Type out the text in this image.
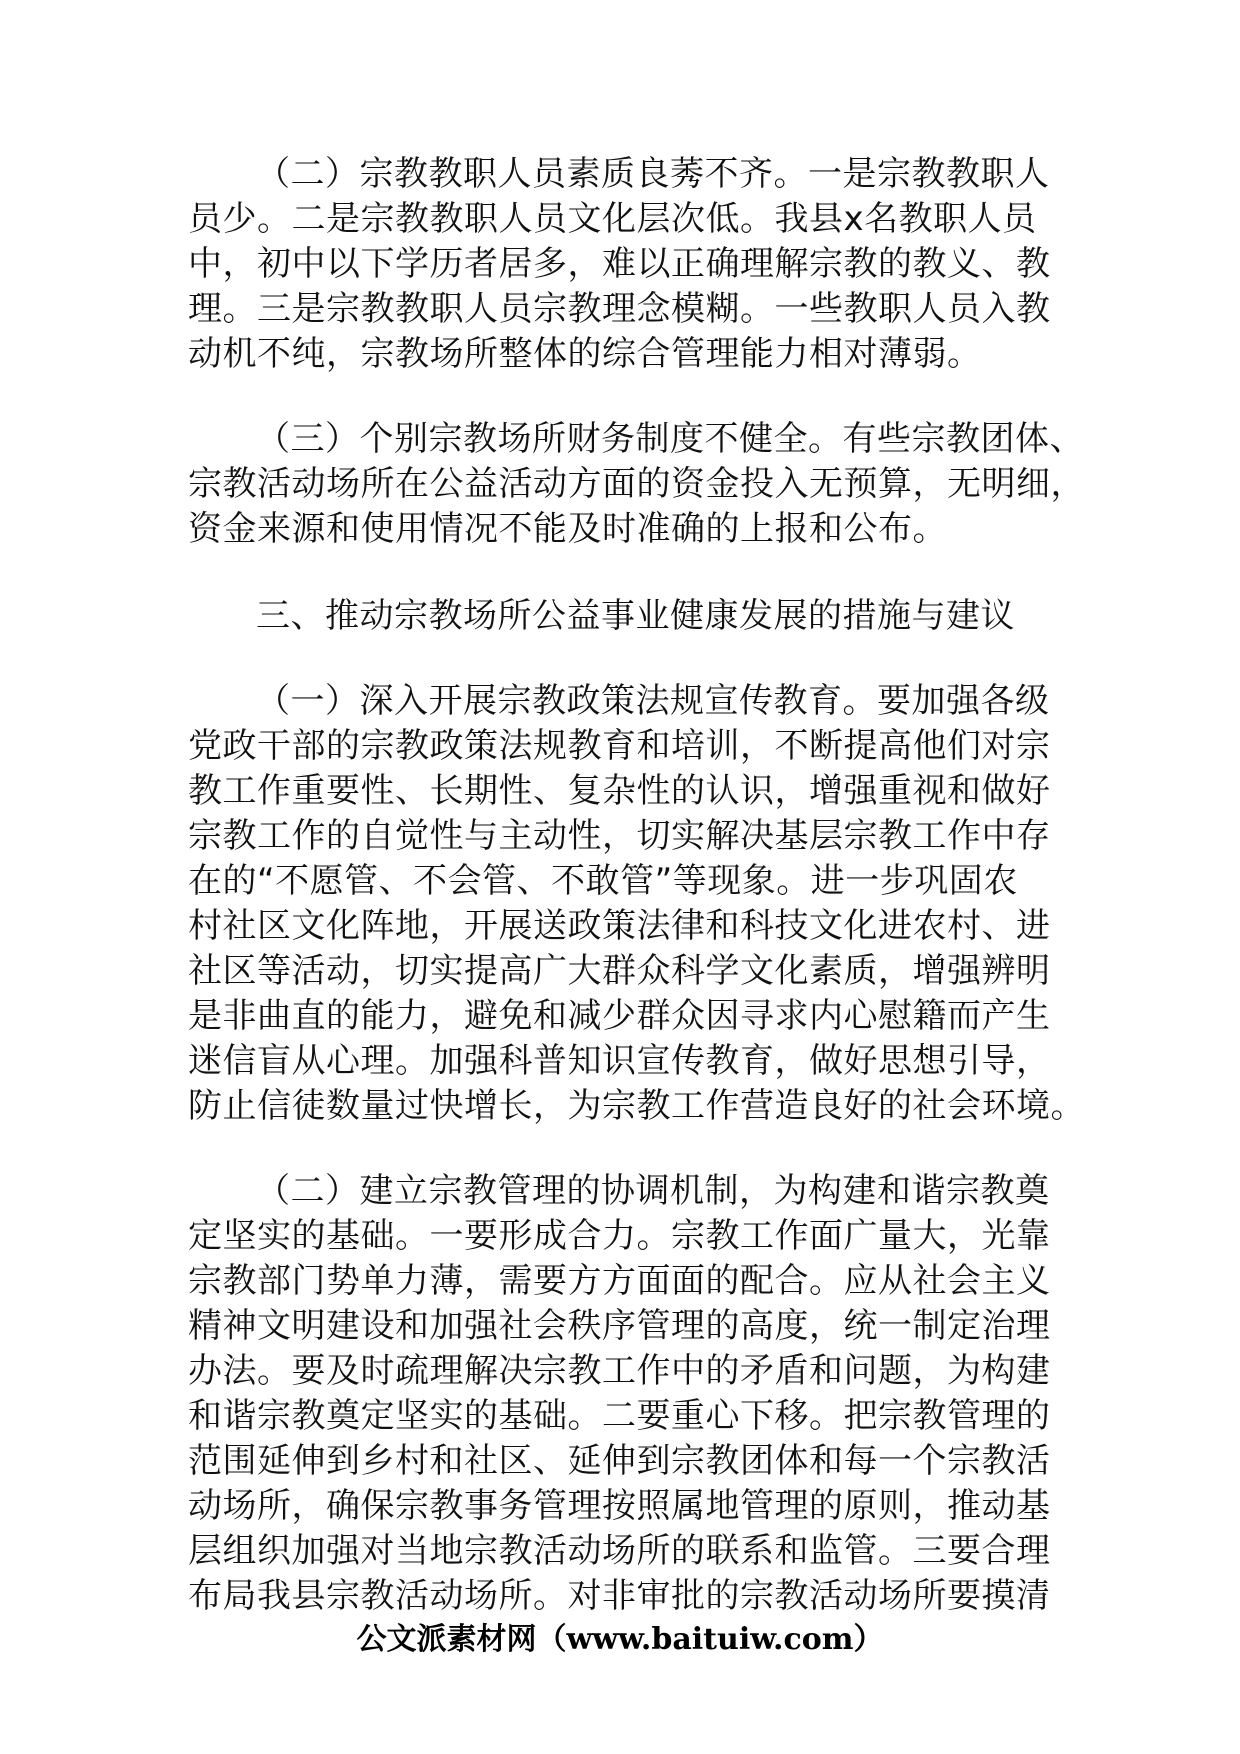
（二）宗教教职人员素质良莠不齐。一是宗教教职人
员少。二是宗教教职人员文化层次低。我县x名教职人员
中，初中以下学历者居多，难以正确理解宗教的教义、教
理。三是宗教教职人员宗教理念模糊。一些教职人员入教
动机不纯，宗教场所整体的综合管理能力相对薄弱。

（三）个别宗教场所财务制度不健全。有些宗教团体、
宗教活动场所在公益活动方面的资金投入无预算，无明细，
资金来源和使用情况不能及时准确的上报和公布。

三、推动宗教场所公益事业健康发展的措施与建议

（一）深入开展宗教政策法规宣传教育。要加强各级
党政干部的宗教政策法规教育和培训，不断提高他们对宗
教工作重要性、长期性、复杂性的认识，增强重视和做好
宗教工作的自觉性与主动性，切实解决基层宗教工作中存
在的“不愿管、不会管、不敢管”等现象。进一步巩固农
村社区文化阵地，开展送政策法律和科技文化进农村、进
社区等活动，切实提高广大群众科学文化素质，增强辨明
是非曲直的能力，避免和减少群众因寻求内心慰籍而产生
迷信盲从心理。加强科普知识宣传教育，做好思想引导，
防止信徒数量过快增长，为宗教工作营造良好的社会环境。

（二）建立宗教管理的协调机制，为构建和谐宗教奠
定坚实的基础。一要形成合力。宗教工作面广量大，光靠
宗教部门势单力薄，需要方方面面的配合。应从社会主义
精神文明建设和加强社会秩序管理的高度，统一制定治理
办法。要及时疏理解决宗教工作中的矛盾和问题，为构建
和谐宗教奠定坚实的基础。二要重心下移。把宗教管理的
范围延伸到乡村和社区、延伸到宗教团体和每一个宗教活
动场所，确保宗教事务管理按照属地管理的原则，推动基
层组织加强对当地宗教活动场所的联系和监管。三要合理
布局我县宗教活动场所。对非审批的宗教活动场所要摸清

公文派素材网（www.baituiw.com）
